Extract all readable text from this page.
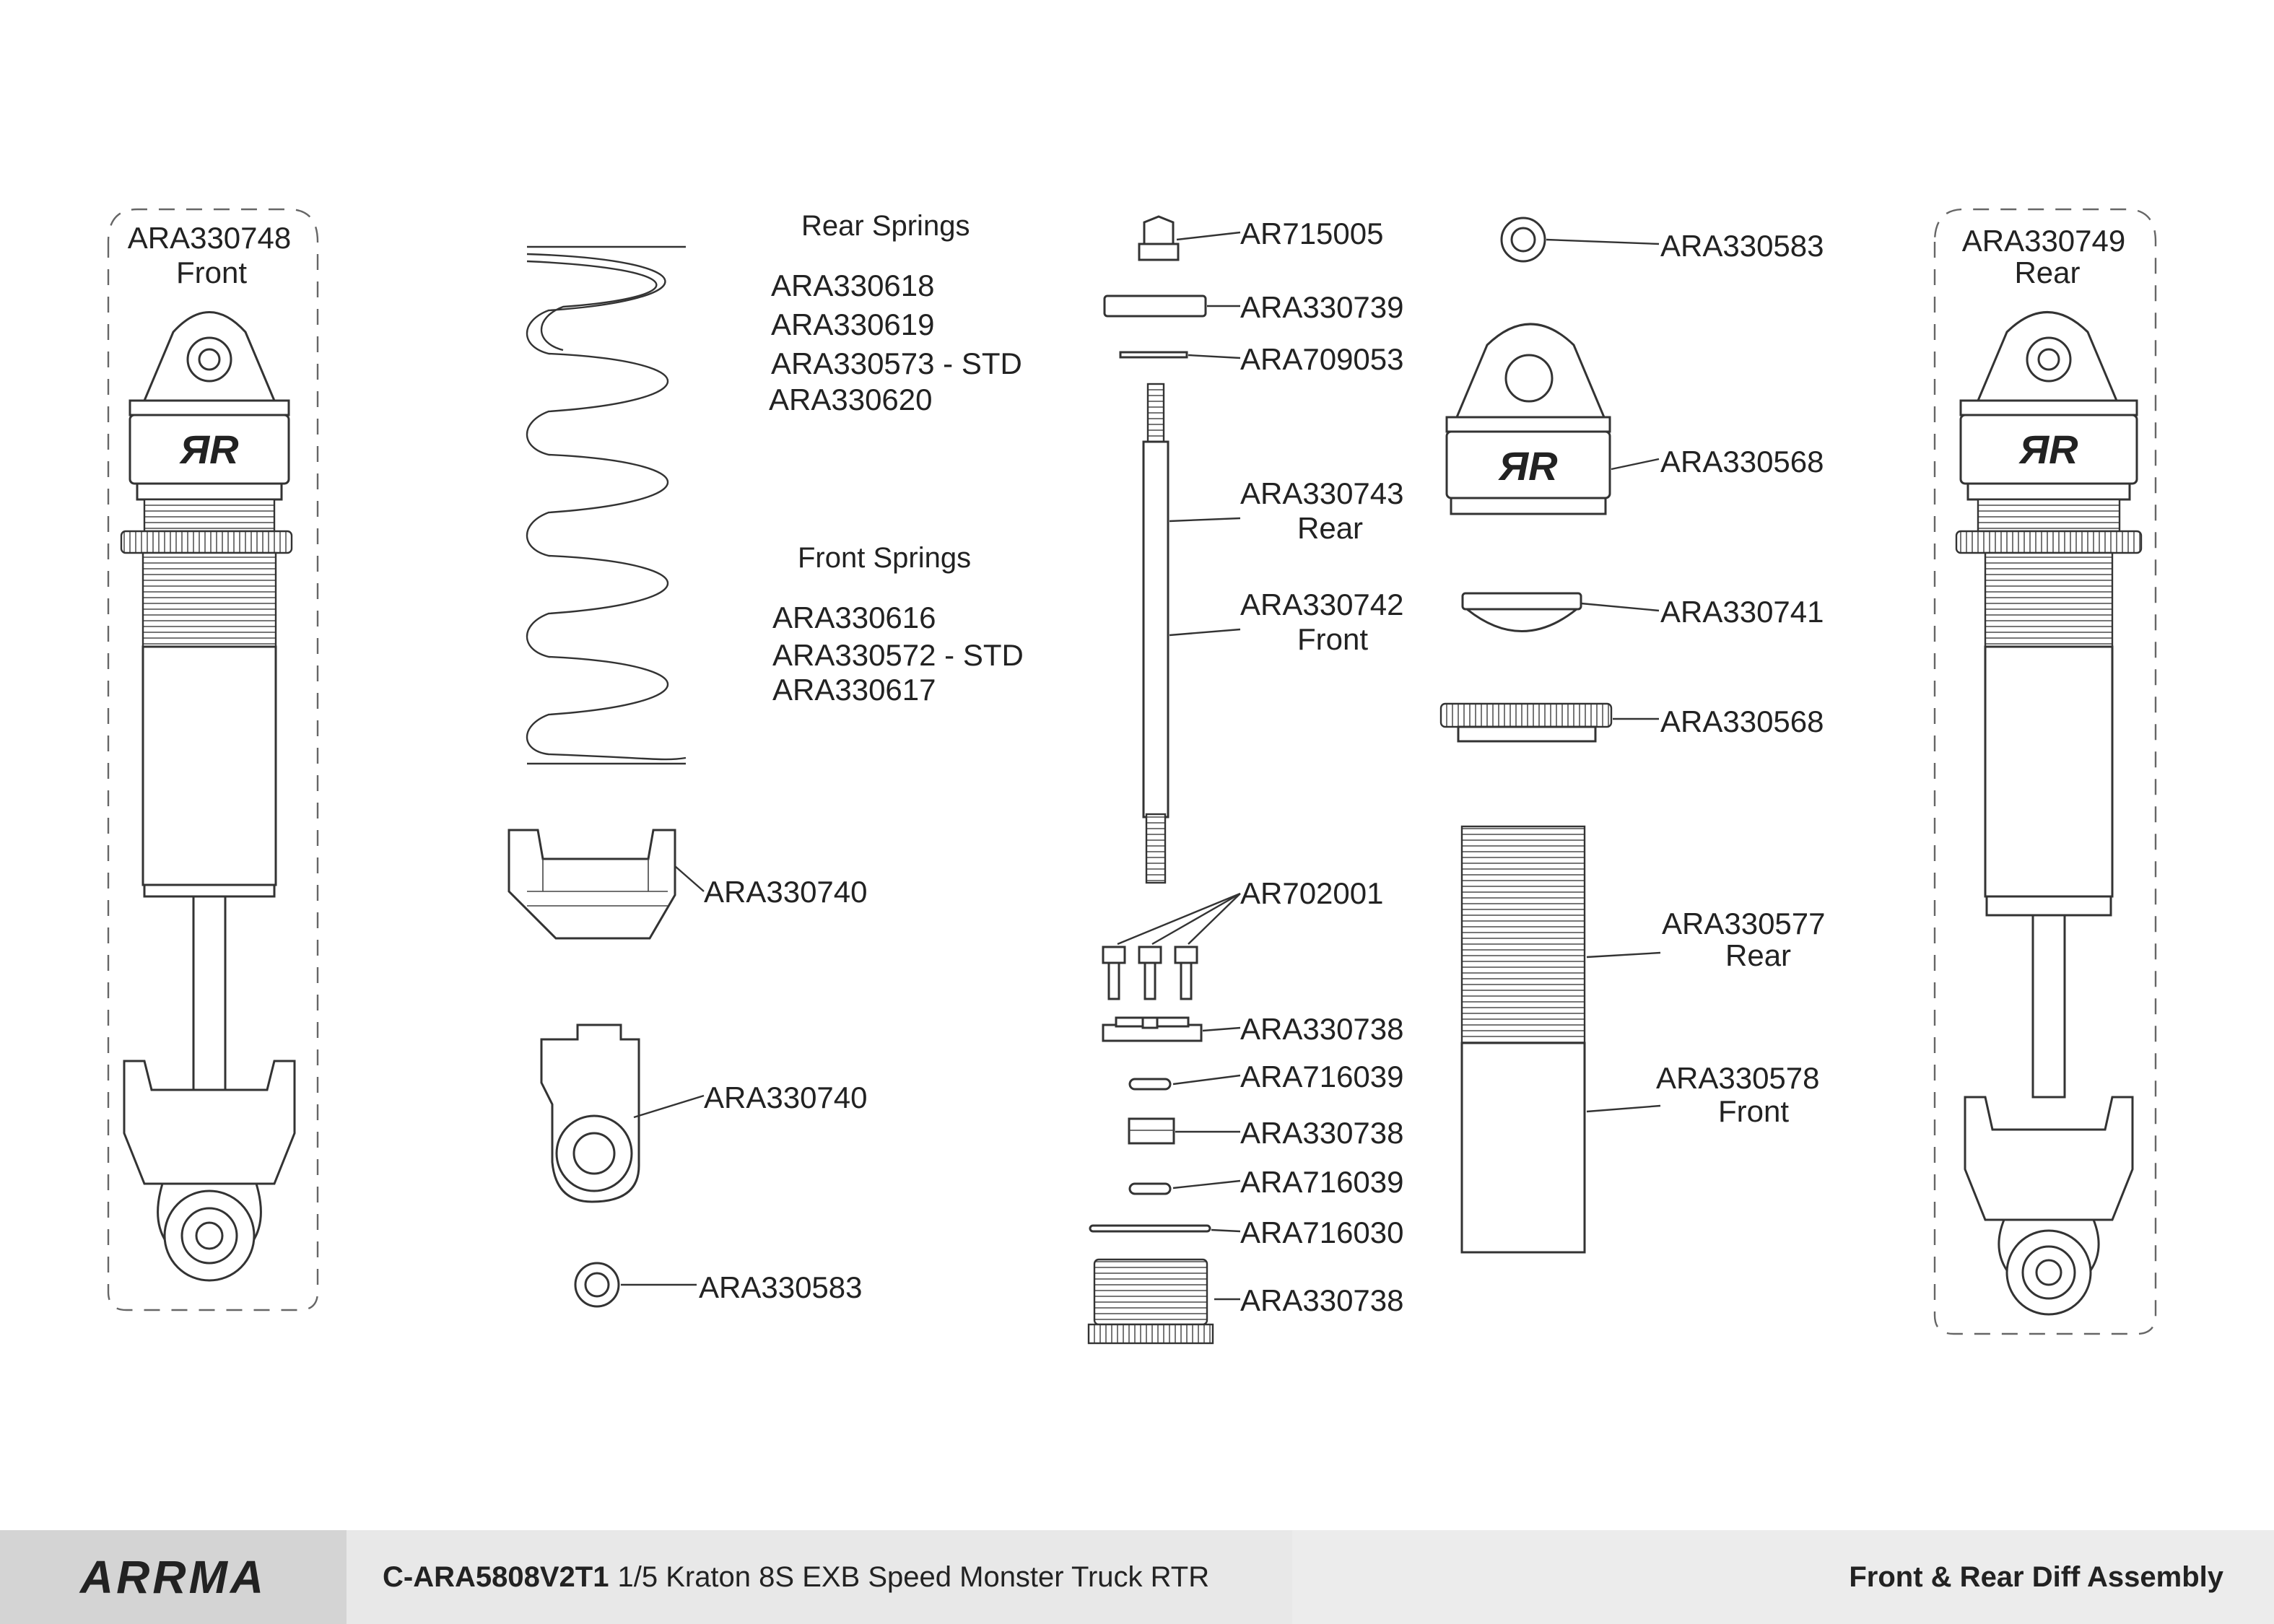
ЯR
ARA330748
Front
Rear Springs
ARA330618
ARA330619
ARA330573 - STD
ARA330620
Front Springs
ARA330616
ARA330572 - STD
ARA330617
ARA330740
ARA330740
ARA330583
AR715005
ARA330739
ARA709053
ARA330743
Rear
ARA330742
Front
AR702001
ARA330738
ARA716039
ARA330738
ARA716039
ARA716030
ARA330738
ARA330583
ЯR	ARA330568
ARA330741
ARA330568
ARA330577
Rear
ARA330578
Front
ЯR
ARA330749
Rear
ARRMA	C-ARA5808V2T1 1/5 Kraton 8S EXB Speed Monster Truck RTR	Front & Rear Diff Assembly
